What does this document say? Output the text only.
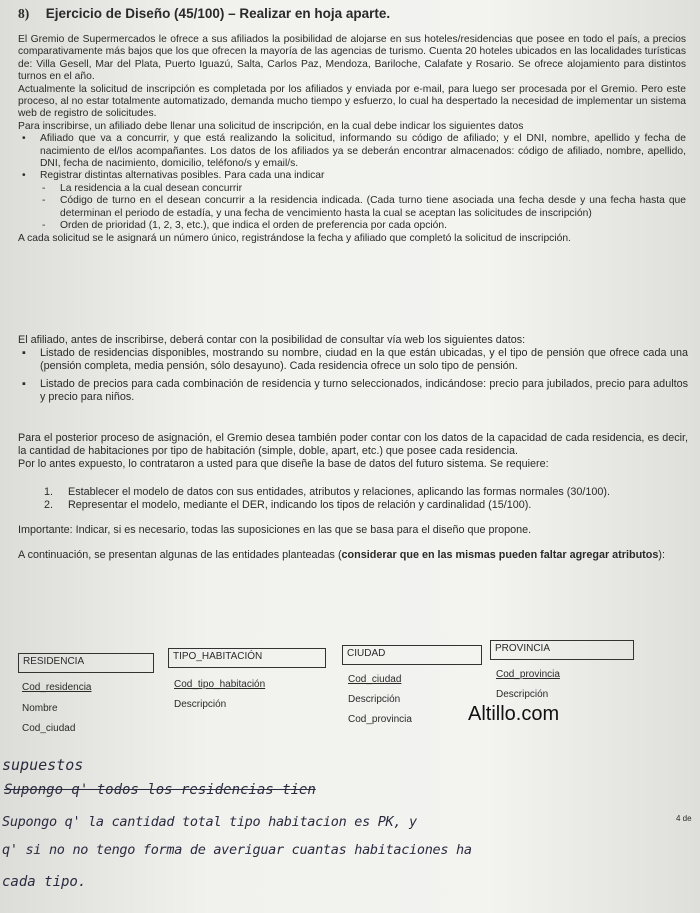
8) Ejercicio de Diseño (45/100) – Realizar en hoja aparte.
El Gremio de Supermercados le ofrece a sus afiliados la posibilidad de alojarse en sus hoteles/residencias que posee en todo el país, a precios comparativamente más bajos que los que ofrecen la mayoría de las agencias de turismo. Cuenta 20 hoteles ubicados en las localidades turísticas de: Villa Gesell, Mar del Plata, Puerto Iguazú, Salta, Carlos Paz, Mendoza, Bariloche, Calafate y Rosario. Se ofrece alojamiento para distintos turnos en el año.
Actualmente la solicitud de inscripción es completada por los afiliados y enviada por e-mail, para luego ser procesada por el Gremio. Pero este proceso, al no estar totalmente automatizado, demanda mucho tiempo y esfuerzo, lo cual ha despertado la necesidad de implementar un sistema web de registro de solicitudes.
Para inscribirse, un afiliado debe llenar una solicitud de inscripción, en la cual debe indicar los siguientes datos
• Afiliado que va a concurrir, y que está realizando la solicitud, informando su código de afiliado; y el DNI, nombre, apellido y fecha de nacimiento de el/los acompañantes. Los datos de los afiliados ya se deberán encontrar almacenados: código de afiliado, nombre, apellido, DNI, fecha de nacimiento, domicilio, teléfono/s y email/s.
• Registrar distintas alternativas posibles. Para cada una indicar
- La residencia a la cual desean concurrir
- Código de turno en el desean concurrir a la residencia indicada. (Cada turno tiene asociada una fecha desde y una fecha hasta que determinan el periodo de estadía, y una fecha de vencimiento hasta la cual se aceptan las solicitudes de inscripción)
- Orden de prioridad (1, 2, 3, etc.), que indica el orden de preferencia por cada opción.
A cada solicitud se le asignará un número único, registrándose la fecha y afiliado que completó la solicitud de inscripción.
El afiliado, antes de inscribirse, deberá contar con la posibilidad de consultar vía web los siguientes datos:
▪ Listado de residencias disponibles, mostrando su nombre, ciudad en la que están ubicadas, y el tipo de pensión que ofrece cada una (pensión completa, media pensión, sólo desayuno). Cada residencia ofrece un solo tipo de pensión.
▪ Listado de precios para cada combinación de residencia y turno seleccionados, indicándose: precio para jubilados, precio para adultos y precio para niños.
Para el posterior proceso de asignación, el Gremio desea también poder contar con los datos de la capacidad de cada residencia, es decir, la cantidad de habitaciones por tipo de habitación (simple, doble, apart, etc.) que posee cada residencia.
Por lo antes expuesto, lo contrataron a usted para que diseñe la base de datos del futuro sistema. Se requiere:
1. Establecer el modelo de datos con sus entidades, atributos y relaciones, aplicando las formas normales (30/100).
2. Representar el modelo, mediante el DER, indicando los tipos de relación y cardinalidad (15/100).
Importante: Indicar, si es necesario, todas las suposiciones en las que se basa para el diseño que propone.
A continuación, se presentan algunas de las entidades planteadas (considerar que en las mismas pueden faltar agregar atributos):
RESIDENCIA	TIPO_HABITACIÓN	CIUDAD	PROVINCIA
Cod_residencia
Nombre
Cod_ciudad
Cod_tipo_habitación
Descripción
Cod_ciudad
Descripción
Cod_provincia
Cod_provincia
Descripción
Altillo.com
supuestos
Supongo q' todos los residencias tien
Supongo q' la cantidad total tipo habitacion es PK, y
q' si no no tengo forma de averiguar cuantas habitaciones ha
cada tipo.
4 de
